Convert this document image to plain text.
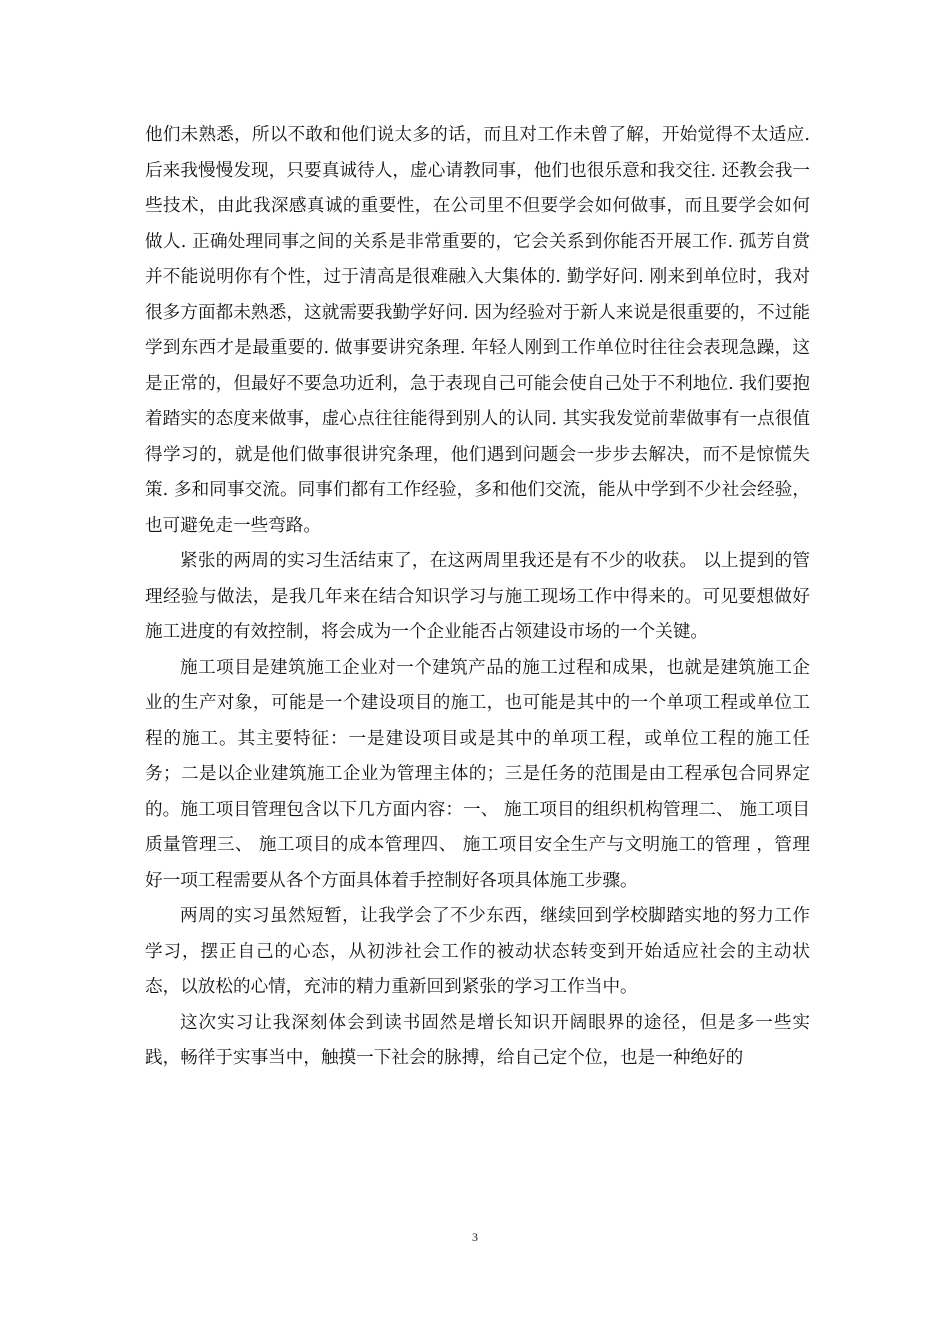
他们未熟悉，所以不敢和他们说太多的话，而且对工作未曾了解，开始觉得不太适应. 后来我慢慢发现，只要真诚待人，虚心请教同事，他们也很乐意和我交往. 还教会我一些技术，由此我深感真诚的重要性，在公司里不但要学会如何做事，而且要学会如何做人. 正确处理同事之间的关系是非常重要的，它会关系到你能否开展工作. 孤芳自赏并不能说明你有个性，过于清高是很难融入大集体的. 勤学好问. 刚来到单位时，我对很多方面都未熟悉，这就需要我勤学好问. 因为经验对于新人来说是很重要的，不过能学到东西才是最重要的. 做事要讲究条理. 年轻人刚到工作单位时往往会表现急躁，这是正常的，但最好不要急功近利，急于表现自己可能会使自己处于不利地位. 我们要抱着踏实的态度来做事，虚心点往往能得到别人的认同. 其实我发觉前辈做事有一点很值得学习的，就是他们做事很讲究条理，他们遇到问题会一步步去解决，而不是惊慌失策. 多和同事交流。同事们都有工作经验，多和他们交流，能从中学到不少社会经验，也可避免走一些弯路。

紧张的两周的实习生活结束了，在这两周里我还是有不少的收获。 以上提到的管理经验与做法，是我几年来在结合知识学习与施工现场工作中得来的。可见要想做好施工进度的有效控制，将会成为一个企业能否占领建设市场的一个关键。

施工项目是建筑施工企业对一个建筑产品的施工过程和成果，也就是建筑施工企业的生产对象，可能是一个建设项目的施工，也可能是其中的一个单项工程或单位工程的施工。其主要特征：一是建设项目或是其中的单项工程，或单位工程的施工任务；二是以企业建筑施工企业为管理主体的；三是任务的范围是由工程承包合同界定的。施工项目管理包含以下几方面内容：一、 施工项目的组织机构管理二、 施工项目质量管理三、 施工项目的成本管理四、 施工项目安全生产与文明施工的管理 ，管理好一项工程需要从各个方面具体着手控制好各项具体施工步骤。

两周的实习虽然短暂，让我学会了不少东西，继续回到学校脚踏实地的努力工作学习，摆正自己的心态，从初涉社会工作的被动状态转变到开始适应社会的主动状态，以放松的心情，充沛的精力重新回到紧张的学习工作当中。

这次实习让我深刻体会到读书固然是增长知识开阔眼界的途径，但是多一些实践，畅徉于实事当中，触摸一下社会的脉搏，给自己定个位，也是一种绝好的

3
